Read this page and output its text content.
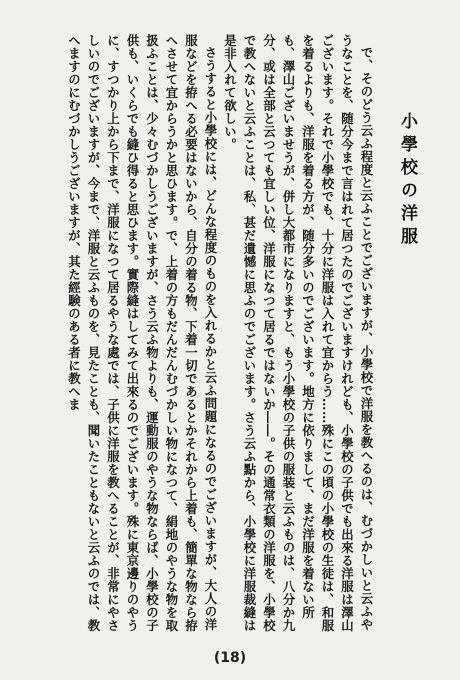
小學校の洋服

で、そのどう云ふ程度と云ふことでございますが、小學校で洋服を教へるのは、むづかしいと云ふやうなことを、随分今まで言はれて居つたのでございますけれども、小學校の子供でも出來る洋服は澤山ございます。それで小學校でも、十分に洋服は入れて宜からう……殊にこの頃の小學校の生徒は、和服を着るよりも、洋服を着る方が、随分多いのでございます。地方に依りまして、まだ洋服を着ない所も、澤山ございませうが、併し大都市になりますと、もう小學校の子供の服装と云ふものは、八分か九分、或は全部と云つても宜しい位、洋服になつて居るではないか――。その通常衣類の洋服を、小學校で教へないと云ふことは、私、甚だ遺憾に思ふのでございます。さう云ふ點から、小學校に洋服裁縫は是非入れて欲しい。

さうすると小學校には、どんな程度のものを入れるかと云ふ問題になるのでございますが、大人の洋服などを拵へる必要はないから、自分の着る物、下着一切であるとかそれから上着も、簡單な物なら拵へさせて宜からうかと思ひます。で、上着の方もだんだんむづかしい物になつて、絹地のやうな物を取扱ふことは、少々むづかしうございますが、さう云ふ物よりも、運動服のやうな物ならば、小學校の子供も、いくらでも縫ひ得ると思ひます。實際縫はしてみて出來るのでございます。殊に東京邊りのやうに、すつかり上から下まで、洋服になつて居るやうな處では、子供に洋服を教へることが、非常にやさしいのでございますが、今まで、洋服と云ふものを、見たことも、聞いたこともないと云ふのでは、教へますのにむづかしうございますが、其た經験のある者に教へま

(18)
